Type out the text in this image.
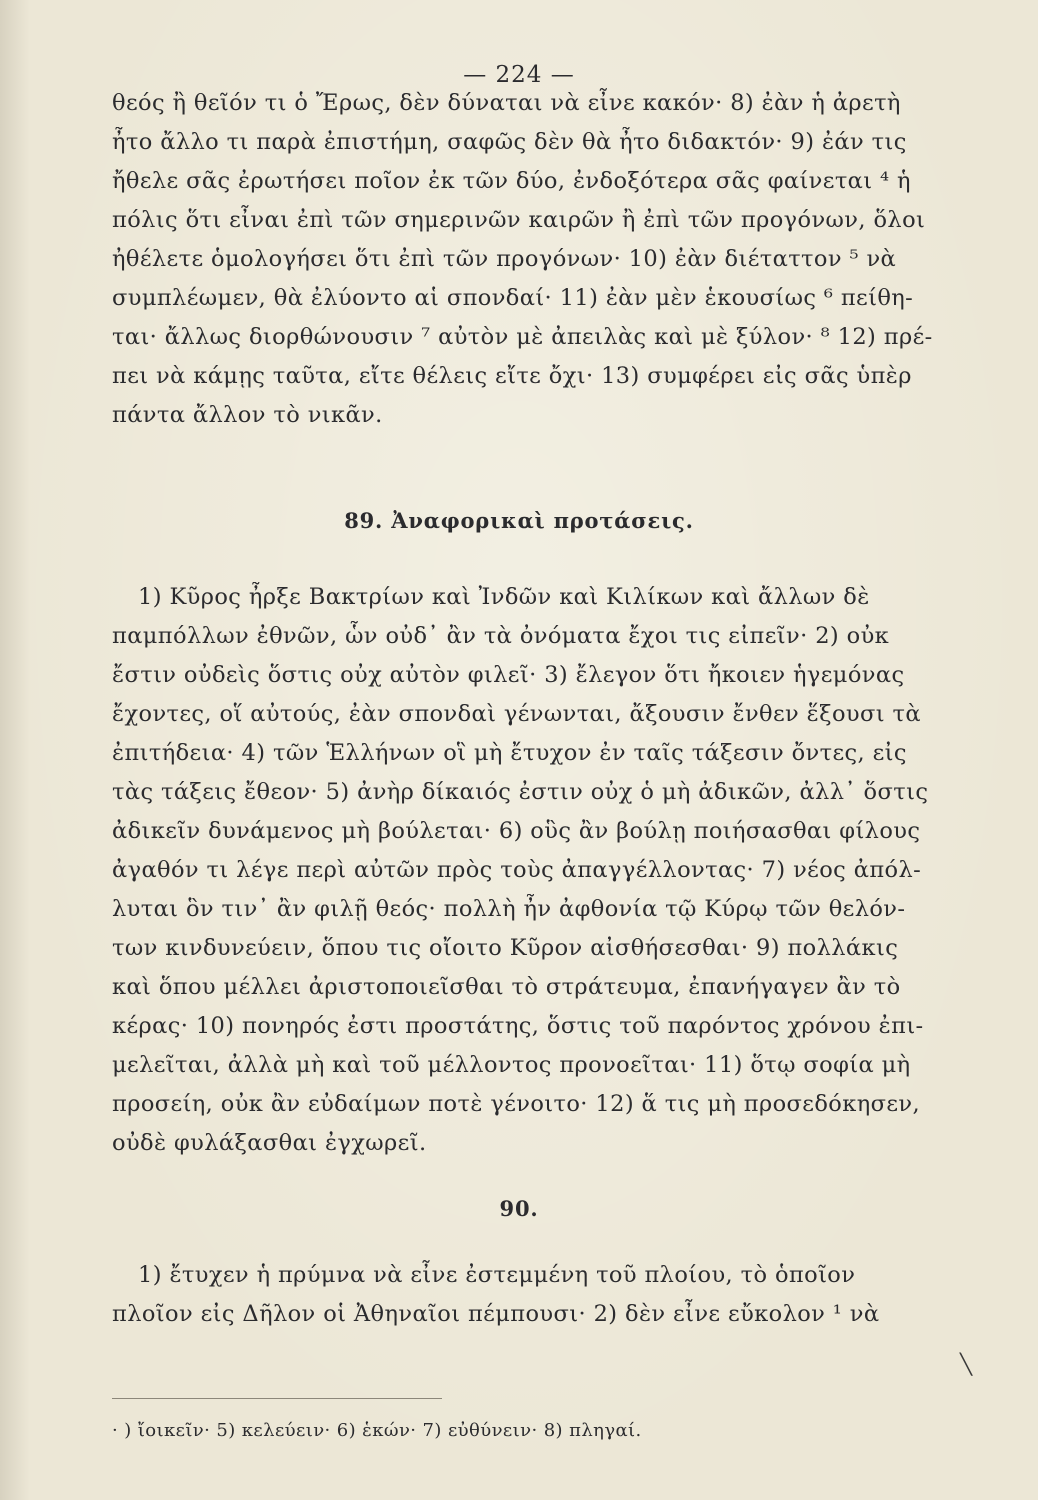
— 224 —
θεός ἢ θεῖόν τι ὁ Ἔρως, δὲν δύναται νὰ εἶνε κακόν· 8) ἐὰν ἡ ἀρετὴ
ἦτο ἄλλο τι παρὰ ἐπιστήμη, σαφῶς δὲν θὰ ἦτο διδακτόν· 9) ἐάν τις
ἤθελε σᾶς ἐρωτήσει ποῖον ἐκ τῶν δύο, ἐνδοξότερα σᾶς φαίνεται ⁴ ἡ
πόλις ὅτι εἶναι ἐπὶ τῶν σημερινῶν καιρῶν ἢ ἐπὶ τῶν προγόνων, ὅλοι
ἠθέλετε ὁμολογήσει ὅτι ἐπὶ τῶν προγόνων· 10) ἐὰν διέταττον ⁵ νὰ
συμπλέωμεν, θὰ ἐλύοντο αἱ σπονδαί· 11) ἐὰν μὲν ἑκουσίως ⁶ πείθη-
ται· ἄλλως διορθώνουσιν ⁷ αὐτὸν μὲ ἀπειλὰς καὶ μὲ ξύλον· ⁸ 12) πρέ-
πει νὰ κάμῃς ταῦτα, εἴτε θέλεις εἴτε ὄχι· 13) συμφέρει εἰς σᾶς ὑπὲρ
πάντα ἄλλον τὸ νικᾶν.
89. Ἀναφορικαὶ προτάσεις.
1) Κῦρος ἦρξε Βακτρίων καὶ Ἰνδῶν καὶ Κιλίκων καὶ ἄλλων δὲ
παμπόλλων ἐθνῶν, ὧν οὐδ᾽ ἂν τὰ ὀνόματα ἔχοι τις εἰπεῖν· 2) οὐκ
ἔστιν οὐδεὶς ὅστις οὐχ αὐτὸν φιλεῖ· 3) ἔλεγον ὅτι ἤκοιεν ἡγεμόνας
ἔχοντες, οἵ αὐτούς, ἐὰν σπονδαὶ γένωνται, ἄξουσιν ἔνθεν ἕξουσι τὰ
ἐπιτήδεια· 4) τῶν Ἑλλήνων οἳ μὴ ἔτυχον ἐν ταῖς τάξεσιν ὄντες, εἰς
τὰς τάξεις ἔθεον· 5) ἀνὴρ δίκαιός ἐστιν οὐχ ὁ μὴ ἀδικῶν, ἀλλ᾽ ὅστις
ἀδικεῖν δυνάμενος μὴ βούλεται· 6) οὓς ἂν βούλῃ ποιήσασθαι φίλους
ἀγαθόν τι λέγε περὶ αὐτῶν πρὸς τοὺς ἀπαγγέλλοντας· 7) νέος ἀπόλ-
λυται ὃν τιν᾽ ἂν φιλῇ θεός· πολλὴ ἦν ἀφθονία τῷ Κύρῳ τῶν θελόν-
των κινδυνεύειν, ὅπου τις οἴοιτο Κῦρον αἰσθήσεσθαι· 9) πολλάκις
καὶ ὅπου μέλλει ἀριστοποιεῖσθαι τὸ στράτευμα, ἐπανήγαγεν ἂν τὸ
κέρας· 10) πονηρός ἐστι προστάτης, ὅστις τοῦ παρόντος χρόνου ἐπι-
μελεῖται, ἀλλὰ μὴ καὶ τοῦ μέλλοντος προνοεῖται· 11) ὅτῳ σοφία μὴ
προσείη, οὐκ ἂν εὐδαίμων ποτὲ γένοιτο· 12) ἅ τις μὴ προσεδόκησεν,
οὐδὲ φυλάξασθαι ἐγχωρεῖ.
90.
1) ἔτυχεν ἡ πρύμνα νὰ εἶνε ἐστεμμένη τοῦ πλοίου, τὸ ὁποῖον
πλοῖον εἰς Δῆλον οἱ Ἀθηναῖοι πέμπουσι· 2) δὲν εἶνε εὔκολον ¹ νὰ
╲
· ) ἴοικεῖν· 5) κελεύειν· 6) ἑκών· 7) εὐθύνειν· 8) πληγαί.
